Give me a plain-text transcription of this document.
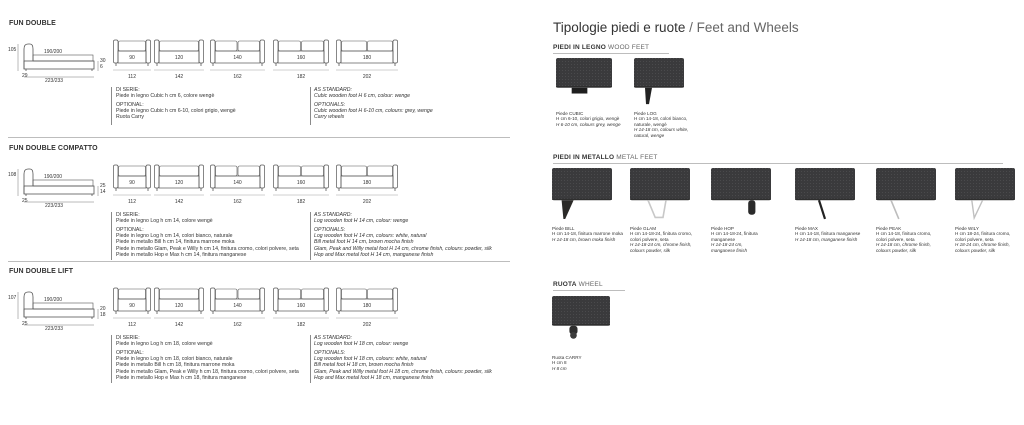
FUN DOUBLE
105	190/200
29
223/233
30
6
90
112
120
142
140
162
160
182
180
202
DI SERIE:
Piede in legno Cubic h cm 6, colore wengè
OPTIONAL:
Piede in legno Cubic h cm 6-10, colori grigio, wengè
Ruota Carry
AS STANDARD:
Cubic wooden foot H 6 cm, colour: wenge
OPTIONALS:
Cubic wooden foot H 6-10 cm, colours: grey, wenge
Carry wheels
FUN DOUBLE COMPATTO
108	190/200
25
223/233
25
14
90
112
120
142
140
162
160
182
180
202
DI SERIE:
Piede in legno Log h cm 14, colore wengè
OPTIONAL:
Piede in legno Log h cm 14, colori bianco, naturale
Piede in metallo Bill h cm 14, finitura marrone moka
Piede in metallo Glam, Peak e Willy h cm 14, finitura cromo, colori polvere, seta
Piede in metallo Hop e Max h cm 14, finitura manganese
AS STANDARD:
Log wooden foot H 14 cm, colour: wenge
OPTIONALS:
Log wooden foot H 14 cm, colours: white, natural
Bill metal foot H 14 cm, brown mocha finish
Glam, Peak and Willy metal foot H 14 cm, chrome finish, colours: powder, silk
Hop and Max metal foot H 14 cm, manganese finish
FUN DOUBLE LIFT
107	190/200
25
223/233
20
18
90
112
120
142
140
162
160
182
180
202
DI SERIE:
Piede in legno Log h cm 18, colore wengè
OPTIONAL:
Piede in legno Log h cm 18, colori bianco, naturale
Piede in metallo Bill h cm 18, finitura marrone moka
Piede in metallo Glam, Peak e Willy h cm 18, finitura cromo, colori polvere, seta
Piede in metallo Hop e Max h cm 18, finitura manganese
AS STANDARD:
Log wooden foot H 18 cm, colour: wenge
OPTIONALS:
Log wooden foot H 18 cm, colours: white, natural
Bill metal foot H 18 cm, brown mocha finish
Glam, Peak and Willy metal foot H 18 cm, chrome finish, colours: powder, silk
Hop and Max metal foot H 18 cm, manganese finish
Tipologie piedi e ruote / Feet and Wheels
PIEDI IN LEGNO WOOD FEET
PIEDI IN METALLO METAL FEET
RUOTA WHEEL
Piede CUBIC
H cm 6-10, colori grigio, wengè
H 6-10 cm, colours grey, wenge
Piede LOG
H cm 14-18, colori bianco,
naturale, wengè
H 14-18 cm, colours white,
natural, wenge
Piede BILL
H cm 14-18, finitura marrone moka
H 14-18 cm, brown moka finish
Piede GLAM
H cm 14-18-24, finitura cromo,
colori polvere, seta
H 14-18-24 cm, chrome finish,
colours powder, silk
Piede HOP
H cm 14-18-24, finitura
manganese
H 14-18-24 cm,
manganese finish
Piede MAX
H cm 14-18, finitura manganese
H 14-18 cm, manganese finish
Piede PEAK
H cm 14-18, finitura cromo,
colori polvere, seta
H 14-18 cm, chrome finish,
colours powder, silk
Piede WILY
H cm 18-24, finitura cromo,
colori polvere, seta
H 18-24 cm, chrome finish,
colours powder, silk
Ruota CARRY
H cm 8
H 8 cm
